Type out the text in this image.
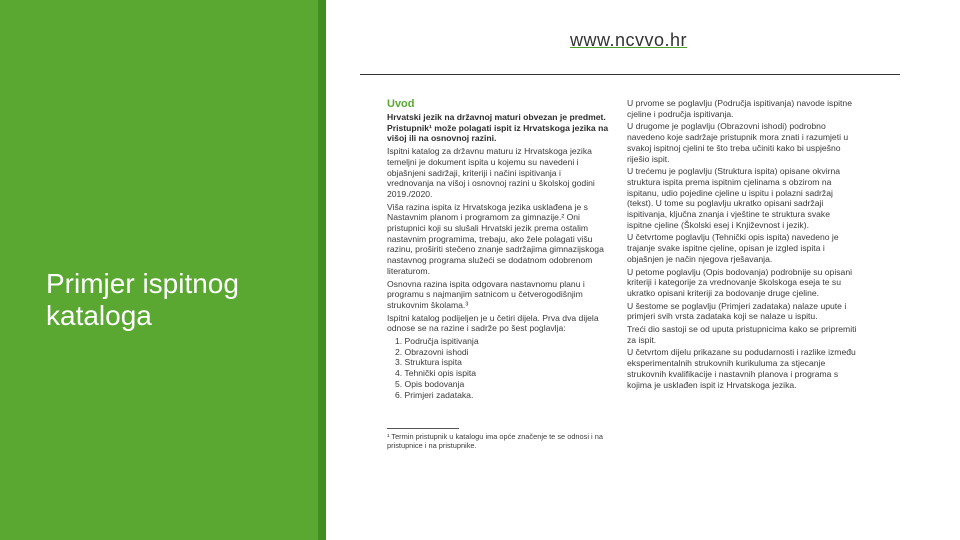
Primjer ispitnog kataloga
www.ncvvo.hr
Uvod
Hrvatski jezik na državnoj maturi obvezan je predmet. Pristupnik¹ može polagati ispit iz Hrvatskoga jezika na višoj ili na osnovnoj razini.
Ispitni katalog za državnu maturu iz Hrvatskoga jezika temeljni je dokument ispita u kojemu su navedeni i objašnjeni sadržaji, kriteriji i načini ispitivanja i vrednovanja na višoj i osnovnoj razini u školskoj godini 2019./2020.
Viša razina ispita iz Hrvatskoga jezika usklađena je s Nastavnim planom i programom za gimnazije.² Oni pristupnici koji su slušali Hrvatski jezik prema ostalim nastavnim programima, trebaju, ako žele polagati višu razinu, proširiti stečeno znanje sadržajima gimnazijskoga nastavnog programa služeći se dodatnom odobrenom literaturom.
Osnovna razina ispita odgovara nastavnomu planu i programu s najmanjim satnicom u četverogodišnjim strukovnim školama.³
Ispitni katalog podijeljen je u četiri dijela. Prva dva dijela odnose se na razine i sadrže po šest poglavlja:
1. Područja ispitivanja
2. Obrazovni ishodi
3. Struktura ispita
4. Tehnički opis ispita
5. Opis bodovanja
6. Primjeri zadataka.
¹ Termin pristupnik u katalogu ima opće značenje te se odnosi i na pristupnice i na pristupnike.
U prvome se poglavlju (Područja ispitivanja) navode ispitne cjeline i područja ispitivanja.
U drugome je poglavlju (Obrazovni ishodi) podrobno navedeno koje sadržaje pristupnik mora znati i razumjeti u svakoj ispitnoj cjelini te što treba učiniti kako bi uspješno riješio ispit.
U trećemu je poglavlju (Struktura ispita) opisane okvirna struktura ispita prema ispitnim cjelinama s obzirom na ispitanu, udio pojedine cjeline u ispitu i polazni sadržaj (tekst). U tome su poglavlju ukratko opisani sadržaji ispitivanja, ključna znanja i vještine te struktura svake ispitne cjeline (Školski esej i Književnost i jezik).
U četvrtome poglavlju (Tehnički opis ispita) navedeno je trajanje svake ispitne cjeline, opisan je izgled ispita i objašnjen je način njegova rješavanja.
U petome poglavlju (Opis bodovanja) podrobnije su opisani kriteriji i kategorije za vrednovanje školskoga eseja te su ukratko opisani kriteriji za bodovanje drugе cjeline.
U šestome se poglavlju (Primjeri zadataka) nalaze upute i primjeri svih vrsta zadataka koji se nalaze u ispitu.
Treći dio sastoji se od uputa pristupnicima kako se pripremiti za ispit.
U četvrtom dijelu prikazane su podudarnosti i razlike između eksperimentalnih strukovnih kurikuluma za stjecanje strukovnih kvalifikacije i nastavnih planova i programa s kojima je usklađen ispit iz Hrvatskoga jezika.
